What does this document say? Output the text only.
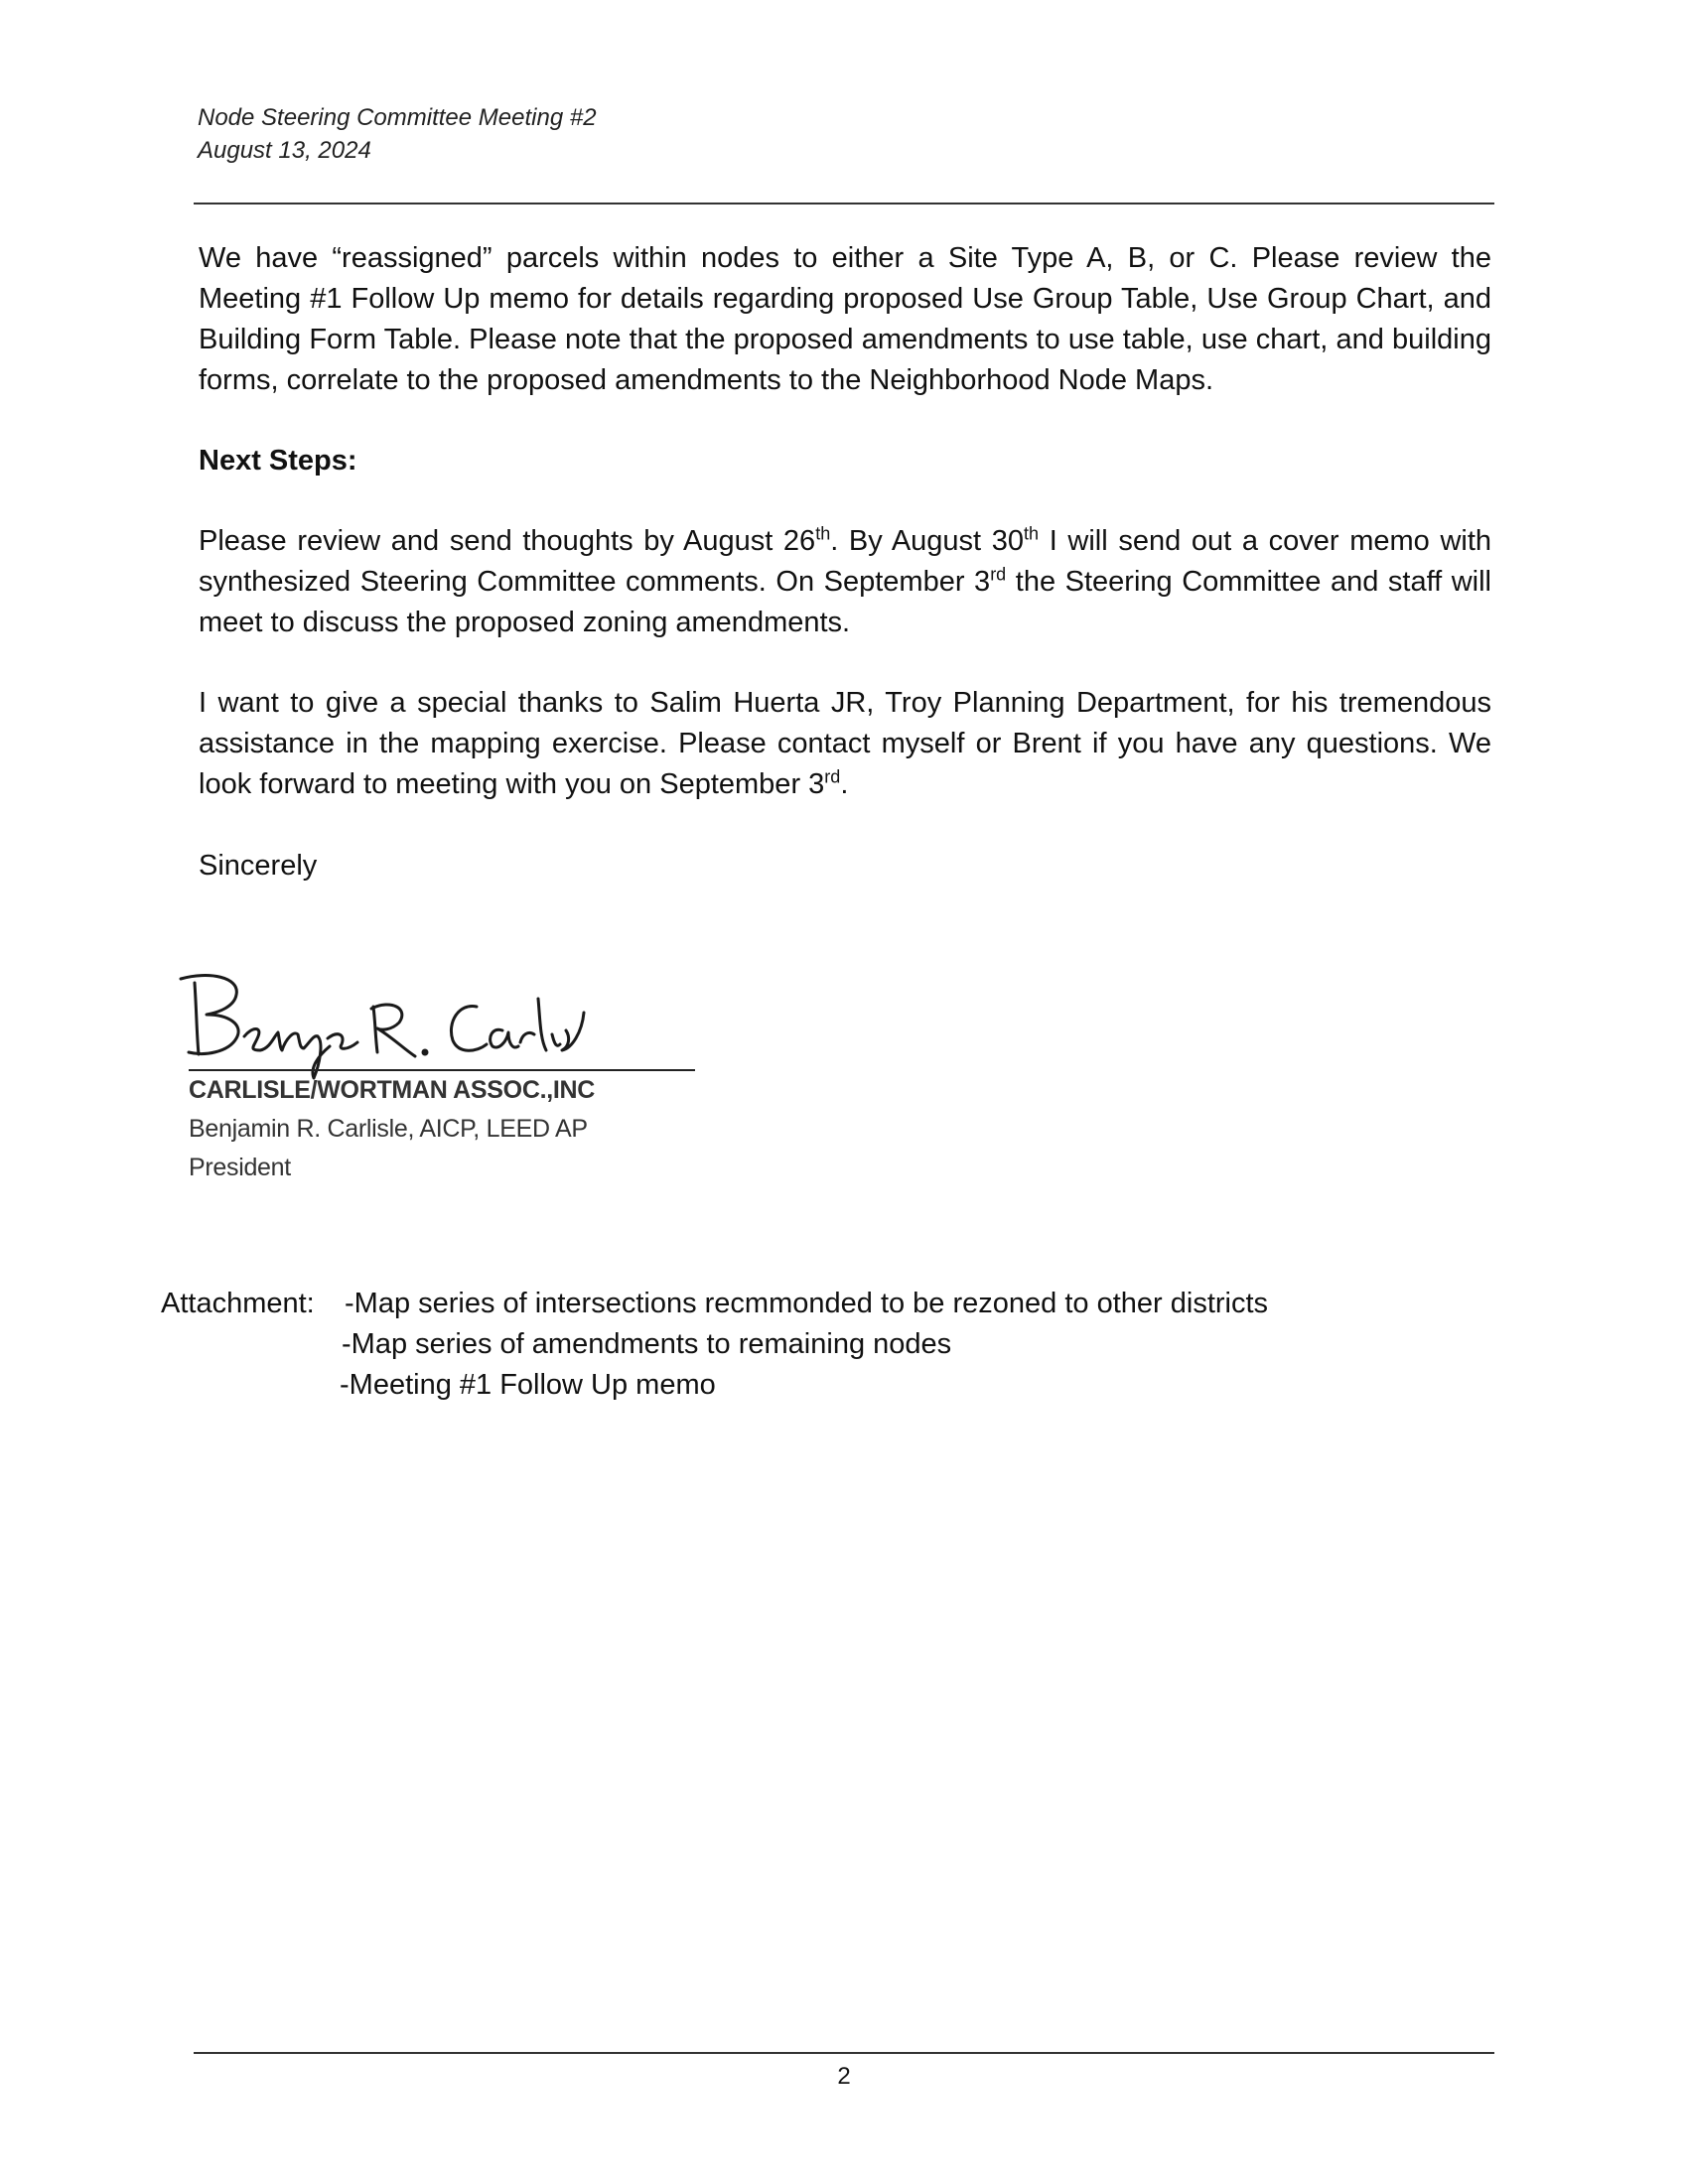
Node Steering Committee Meeting #2
August 13, 2024

We have “reassigned” parcels within nodes to either a Site Type A, B, or C. Please review the Meeting #1 Follow Up memo for details regarding proposed Use Group Table, Use Group Chart, and Building Form Table. Please note that the proposed amendments to use table, use chart, and building forms, correlate to the proposed amendments to the Neighborhood Node Maps.

Next Steps:

Please review and send thoughts by August 26th. By August 30th I will send out a cover memo with synthesized Steering Committee comments. On September 3rd the Steering Committee and staff will meet to discuss the proposed zoning amendments.

I want to give a special thanks to Salim Huerta JR, Troy Planning Department, for his tremendous assistance in the mapping exercise. Please contact myself or Brent if you have any questions. We look forward to meeting with you on September 3rd.

Sincerely
CARLISLE/WORTMAN ASSOC.,INC
Benjamin R. Carlisle, AICP, LEED AP
President
Attachment: -Map series of intersections recmmonded to be rezoned to other districts
-Map series of amendments to remaining nodes
-Meeting #1 Follow Up memo
2
